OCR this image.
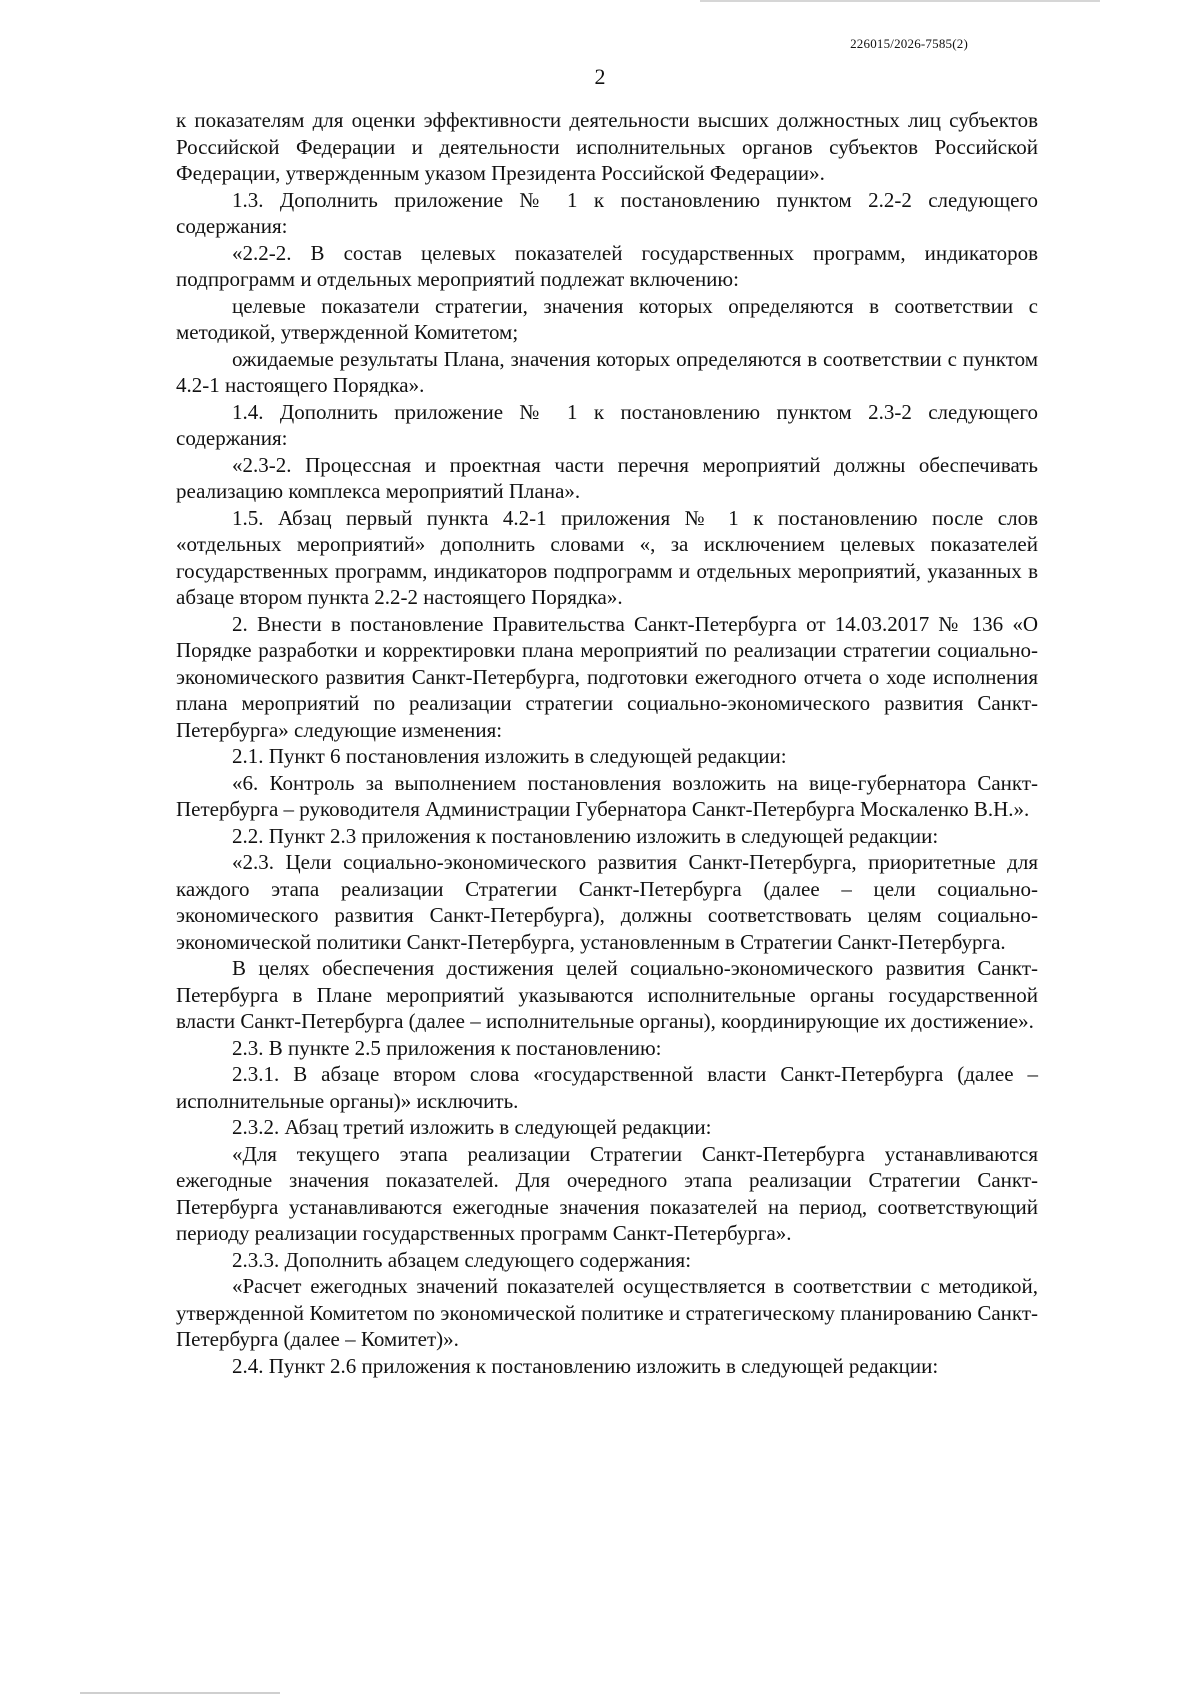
226015/2026-7585(2)
2

к показателям для оценки эффективности деятельности высших должностных лиц субъектов Российской Федерации и деятельности исполнительных органов субъектов Российской Федерации, утвержденным указом Президента Российской Федерации».

1.3. Дополнить приложение № 1 к постановлению пунктом 2.2-2 следующего содержания:

«2.2-2. В состав целевых показателей государственных программ, индикаторов подпрограмм и отдельных мероприятий подлежат включению:

целевые показатели стратегии, значения которых определяются в соответствии с методикой, утвержденной Комитетом;

ожидаемые результаты Плана, значения которых определяются в соответствии с пунктом 4.2-1 настоящего Порядка».

1.4. Дополнить приложение № 1 к постановлению пунктом 2.3-2 следующего содержания:

«2.3-2. Процессная и проектная части перечня мероприятий должны обеспечивать реализацию комплекса мероприятий Плана».

1.5. Абзац первый пункта 4.2-1 приложения № 1 к постановлению после слов «отдельных мероприятий» дополнить словами «, за исключением целевых показателей государственных программ, индикаторов подпрограмм и отдельных мероприятий, указанных в абзаце втором пункта 2.2-2 настоящего Порядка».

2. Внести в постановление Правительства Санкт-Петербурга от 14.03.2017 № 136 «О Порядке разработки и корректировки плана мероприятий по реализации стратегии социально-экономического развития Санкт-Петербурга, подготовки ежегодного отчета о ходе исполнения плана мероприятий по реализации стратегии социально-экономического развития Санкт-Петербурга» следующие изменения:

2.1. Пункт 6 постановления изложить в следующей редакции:

«6. Контроль за выполнением постановления возложить на вице-губернатора Санкт-Петербурга – руководителя Администрации Губернатора Санкт-Петербурга Москаленко В.Н.».

2.2. Пункт 2.3 приложения к постановлению изложить в следующей редакции:

«2.3. Цели социально-экономического развития Санкт-Петербурга, приоритетные для каждого этапа реализации Стратегии Санкт-Петербурга (далее – цели социально-экономического развития Санкт-Петербурга), должны соответствовать целям социально-экономической политики Санкт-Петербурга, установленным в Стратегии Санкт-Петербурга.

В целях обеспечения достижения целей социально-экономического развития Санкт-Петербурга в Плане мероприятий указываются исполнительные органы государственной власти Санкт-Петербурга (далее – исполнительные органы), координирующие их достижение».

2.3. В пункте 2.5 приложения к постановлению:

2.3.1. В абзаце втором слова «государственной власти Санкт-Петербурга (далее – исполнительные органы)» исключить.

2.3.2. Абзац третий изложить в следующей редакции:

«Для текущего этапа реализации Стратегии Санкт-Петербурга устанавливаются ежегодные значения показателей. Для очередного этапа реализации Стратегии Санкт-Петербурга устанавливаются ежегодные значения показателей на период, соответствующий периоду реализации государственных программ Санкт-Петербурга».

2.3.3. Дополнить абзацем следующего содержания:

«Расчет ежегодных значений показателей осуществляется в соответствии с методикой, утвержденной Комитетом по экономической политике и стратегическому планированию Санкт-Петербурга (далее – Комитет)».

2.4. Пункт 2.6 приложения к постановлению изложить в следующей редакции:
